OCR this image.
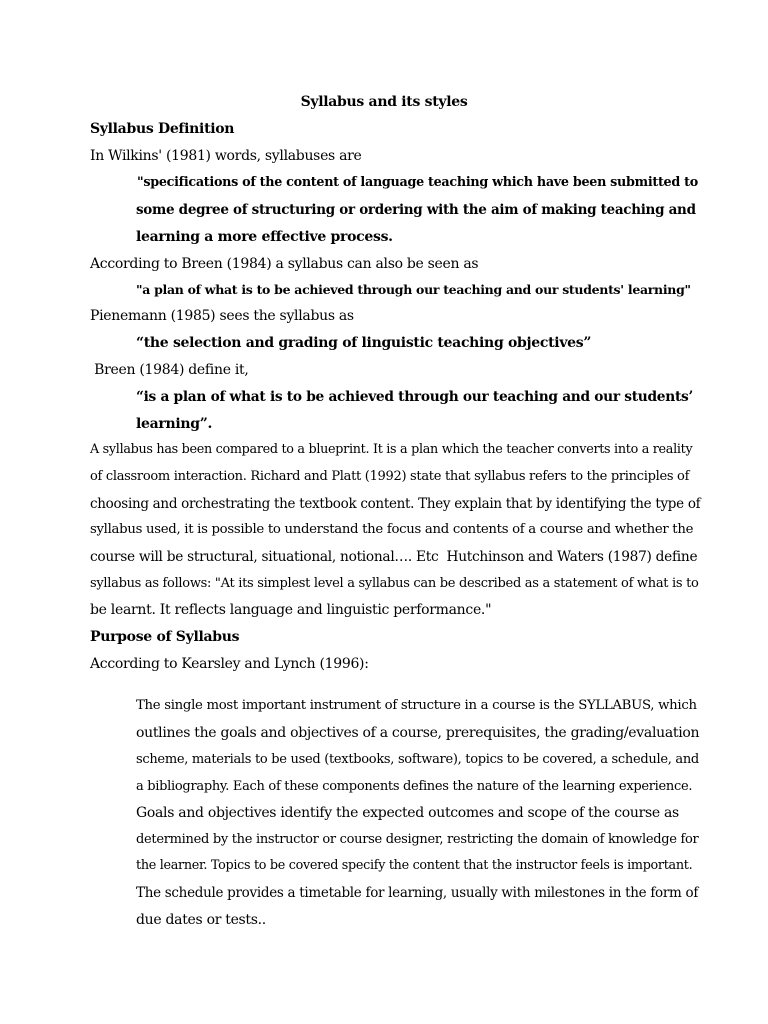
Syllabus and its styles
Syllabus Definition
In Wilkins' (1981) words, syllabuses are
"specifications of the content of language teaching which have been submitted to
some degree of structuring or ordering with the aim of making teaching and
learning a more effective process.
According to Breen (1984) a syllabus can also be seen as
"a plan of what is to be achieved through our teaching and our students' learning"
Pienemann (1985) sees the syllabus as
“the selection and grading of linguistic teaching objectives”
Breen (1984) define it,
“is a plan of what is to be achieved through our teaching and our students’
learning”.
A syllabus has been compared to a blueprint. It is a plan which the teacher converts into a reality
of classroom interaction. Richard and Platt (1992) state that syllabus refers to the principles of
choosing and orchestrating the textbook content. They explain that by identifying the type of
syllabus used, it is possible to understand the focus and contents of a course and whether the
course will be structural, situational, notional…. Etc  Hutchinson and Waters (1987) define
syllabus as follows: "At its simplest level a syllabus can be described as a statement of what is to
be learnt. It reflects language and linguistic performance."
Purpose of Syllabus
According to Kearsley and Lynch (1996):
The single most important instrument of structure in a course is the SYLLABUS, which
outlines the goals and objectives of a course, prerequisites, the grading/evaluation
scheme, materials to be used (textbooks, software), topics to be covered, a schedule, and
a bibliography. Each of these components defines the nature of the learning experience.
Goals and objectives identify the expected outcomes and scope of the course as
determined by the instructor or course designer, restricting the domain of knowledge for
the learner. Topics to be covered specify the content that the instructor feels is important.
The schedule provides a timetable for learning, usually with milestones in the form of
due dates or tests..
